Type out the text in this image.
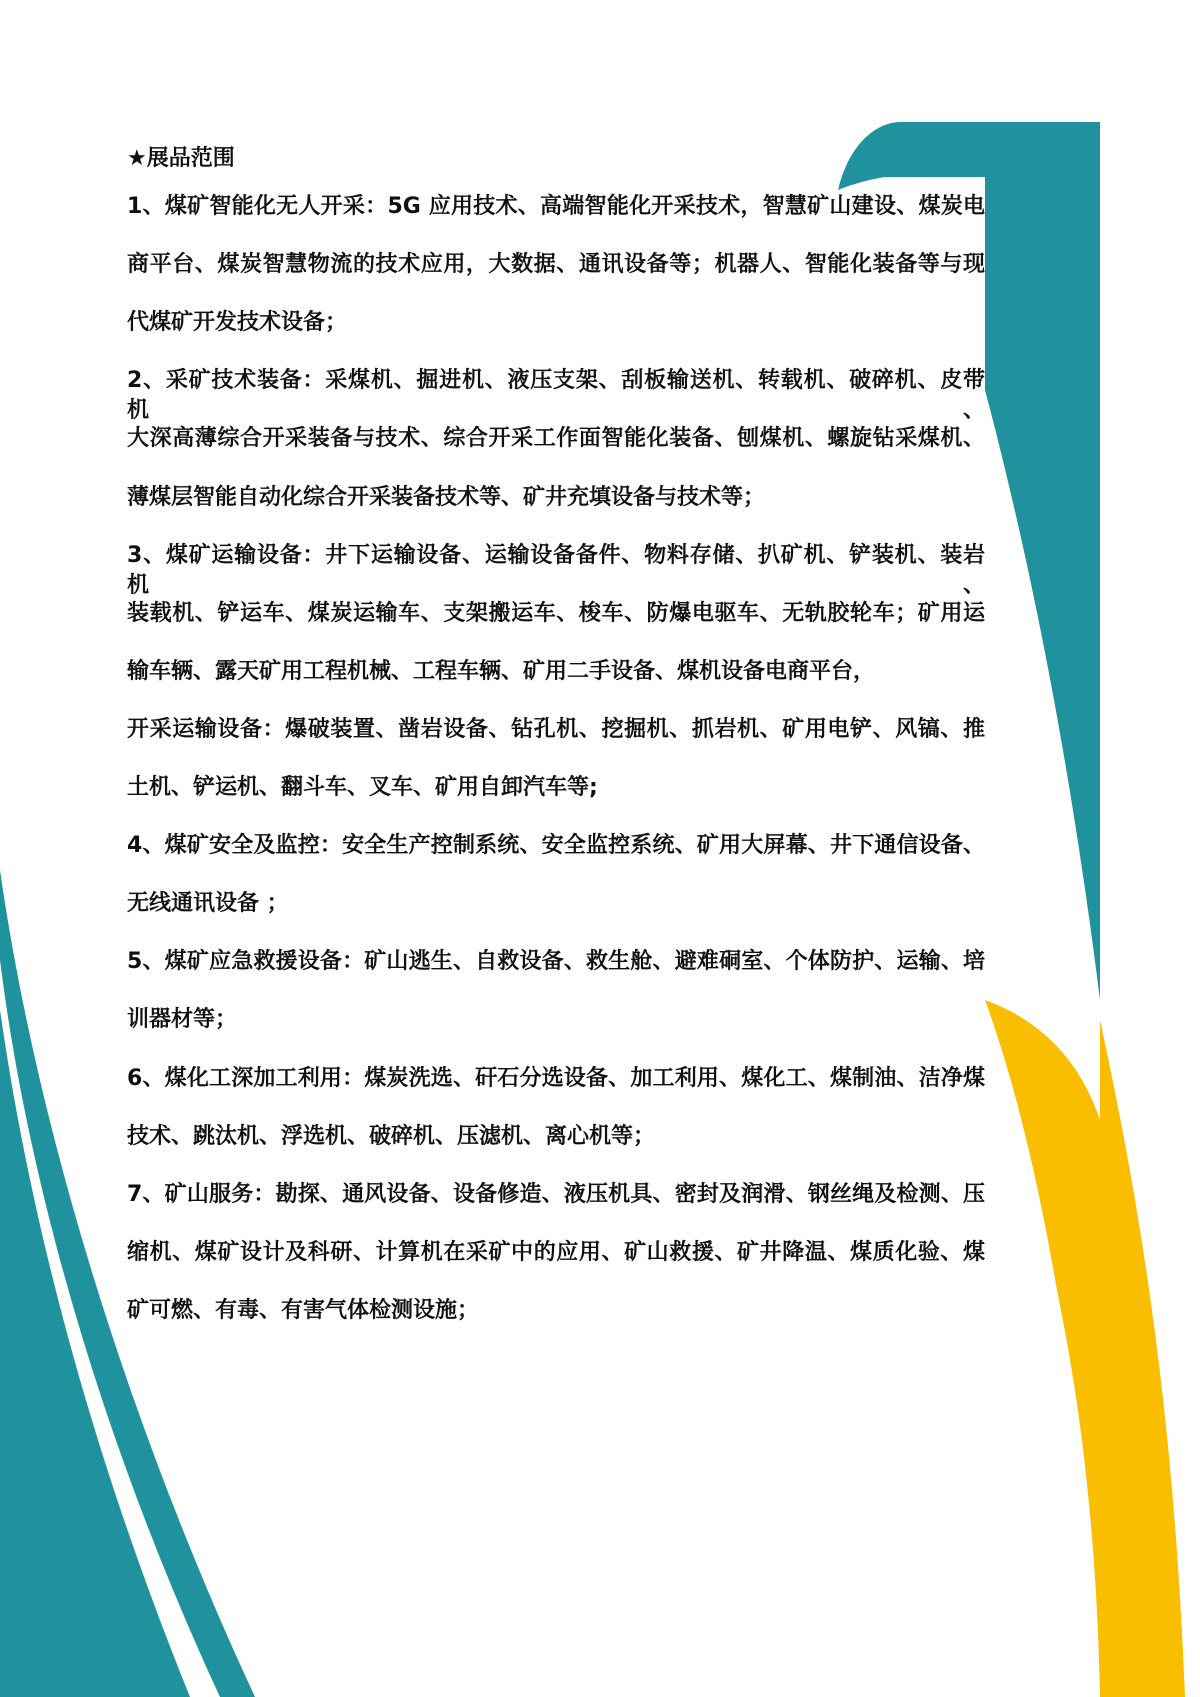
★展品范围
1、煤矿智能化无人开采：5G 应用技术、高端智能化开采技术，智慧矿山建设、煤炭电
商平台、煤炭智慧物流的技术应用，大数据、通讯设备等；机器人、智能化装备等与现
代煤矿开发技术设备；
2、采矿技术装备：采煤机、掘进机、液压支架、刮板输送机、转载机、破碎机、皮带机、
大深高薄综合开采装备与技术、综合开采工作面智能化装备、刨煤机、螺旋钻采煤机、
薄煤层智能自动化综合开采装备技术等、矿井充填设备与技术等；
3、煤矿运输设备：井下运输设备、运输设备备件、物料存储、扒矿机、铲装机、装岩机、
装载机、铲运车、煤炭运输车、支架搬运车、梭车、防爆电驱车、无轨胶轮车；矿用运
输车辆、露天矿用工程机械、工程车辆、矿用二手设备、煤机设备电商平台，
开采运输设备：爆破装置、凿岩设备、钻孔机、挖掘机、抓岩机、矿用电铲、风镐、推
土机、铲运机、翻斗车、叉车、矿用自卸汽车等;
4、煤矿安全及监控：安全生产控制系统、安全监控系统、矿用大屏幕、井下通信设备、
无线通讯设备 ；
5、煤矿应急救援设备：矿山逃生、自救设备、救生舱、避难硐室、个体防护、运输、培
训器材等；
6、煤化工深加工利用：煤炭洗选、矸石分选设备、加工利用、煤化工、煤制油、洁净煤
技术、跳汰机、浮选机、破碎机、压滤机、离心机等；
7、矿山服务：勘探、通风设备、设备修造、液压机具、密封及润滑、钢丝绳及检测、压
缩机、煤矿设计及科研、计算机在采矿中的应用、矿山救援、矿井降温、煤质化验、煤
矿可燃、有毒、有害气体检测设施；
